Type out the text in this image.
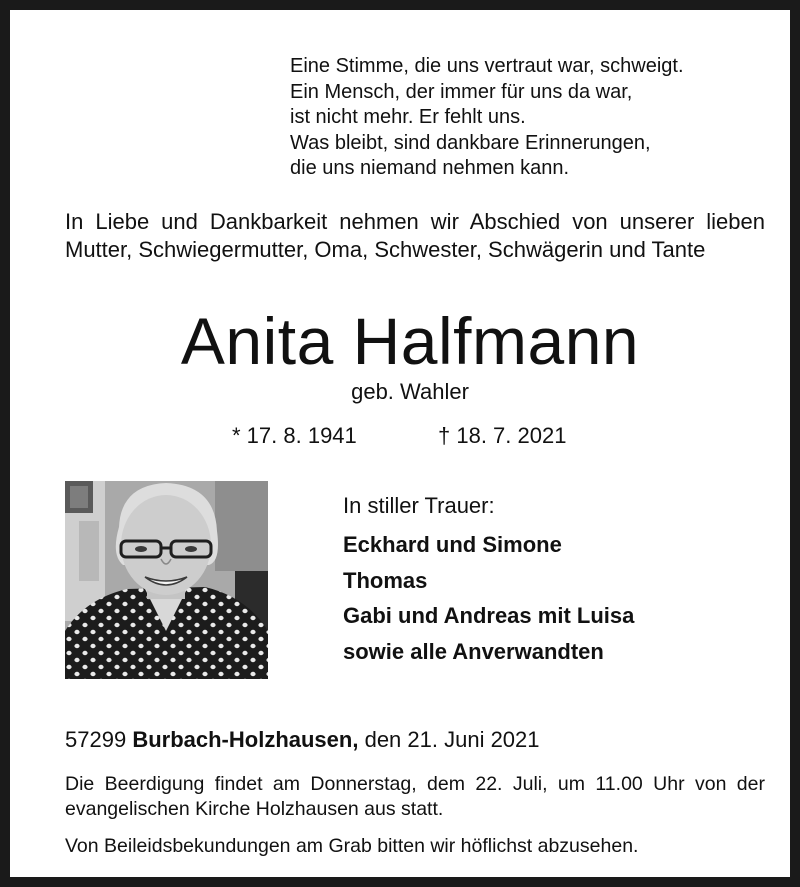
Eine Stimme, die uns vertraut war, schweigt.
Ein Mensch, der immer für uns da war,
ist nicht mehr. Er fehlt uns.
Was bleibt, sind dankbare Erinnerungen,
die uns niemand nehmen kann.

In Liebe und Dankbarkeit nehmen wir Abschied von unserer lieben Mutter, Schwiegermutter, Oma, Schwester, Schwägerin und Tante

Anita Halfmann
geb. Wahler
* 17. 8. 1941	† 18. 7. 2021
In stiller Trauer:
Eckhard und Simone
Thomas
Gabi und Andreas mit Luisa
sowie alle Anverwandten
57299 Burbach-Holzhausen, den 21. Juni 2021

Die Beerdigung findet am Donnerstag, dem 22. Juli, um 11.00 Uhr von der evangelischen Kirche Holzhausen aus statt.

Von Beileidsbekundungen am Grab bitten wir höflichst abzusehen.
